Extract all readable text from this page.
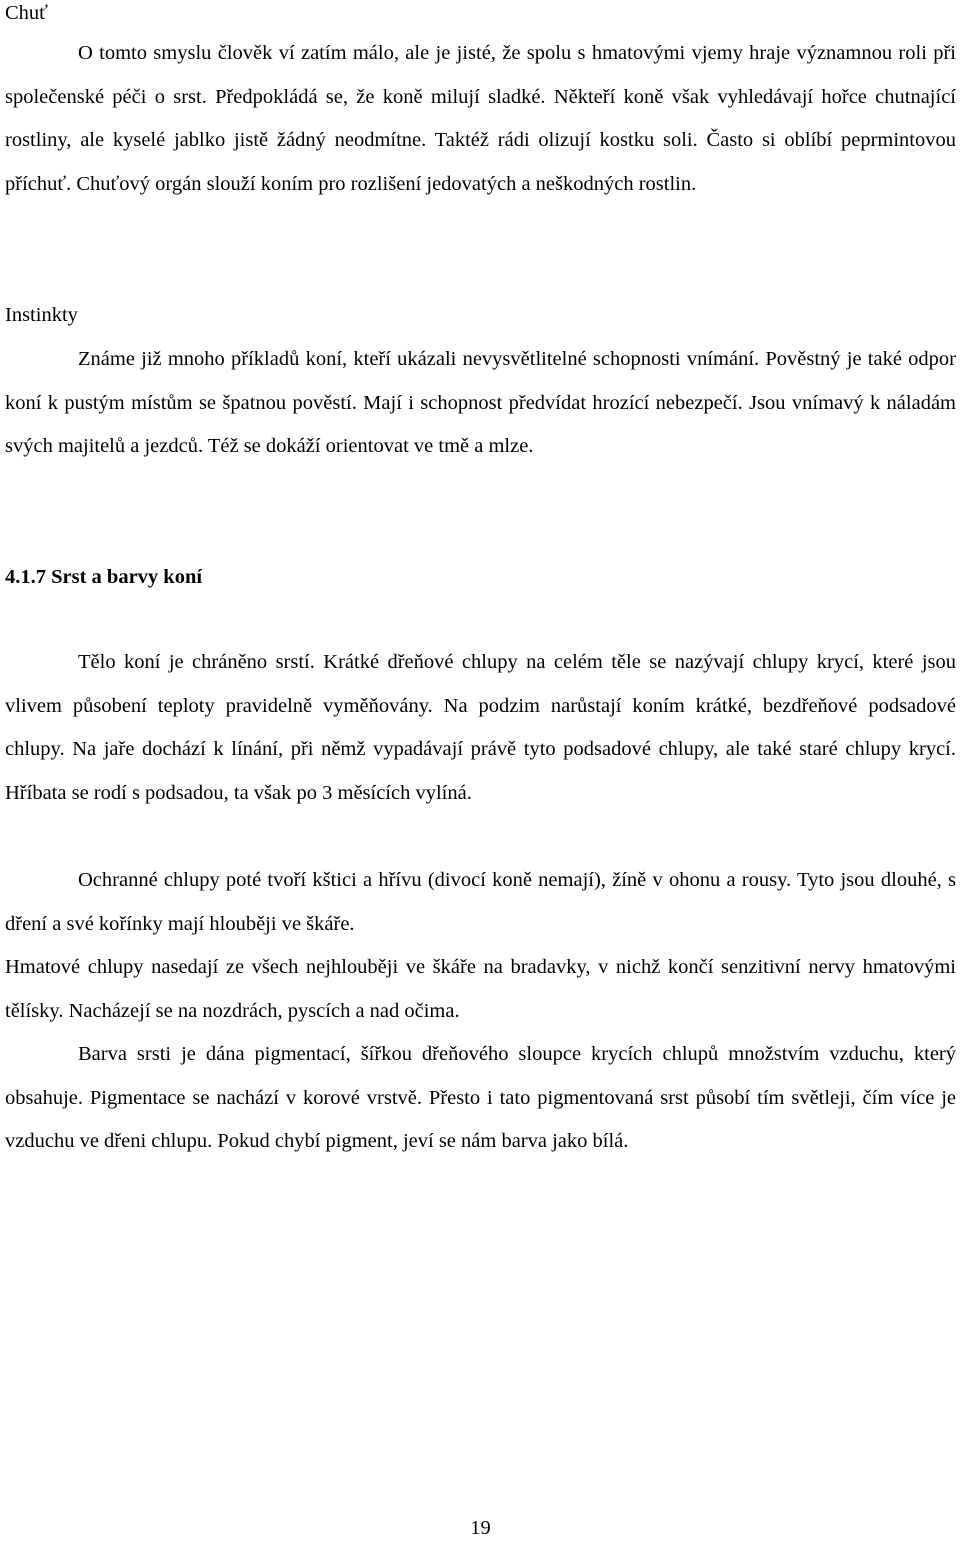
Chuť

O tomto smyslu člověk ví zatím málo, ale je jisté, že spolu s hmatovými vjemy hraje významnou roli při společenské péči o srst. Předpokládá se, že koně milují sladké. Někteří koně však vyhledávají hořce chutnající rostliny, ale kyselé jablko jistě žádný neodmítne. Taktéž rádi olizují kostku soli. Často si oblíbí peprmintovou příchuť. Chuťový orgán slouží koním pro rozlišení jedovatých a neškodných rostlin.

Instinkty

Známe již mnoho příkladů koní, kteří ukázali nevysvětlitelné schopnosti vnímání. Pověstný je také odpor koní k pustým místům se špatnou pověstí. Mají i schopnost předvídat hrozící nebezpečí. Jsou vnímavý k náladám svých majitelů a jezdců. Též se dokáží orientovat ve tmě a mlze.

4.1.7 Srst a barvy koní

Tělo koní je chráněno srstí. Krátké dřeňové chlupy na celém těle se nazývají chlupy krycí, které jsou vlivem působení teploty pravidelně vyměňovány. Na podzim narůstají koním krátké, bezdřeňové podsadové chlupy. Na jaře dochází k línání, při němž vypadávají právě tyto podsadové chlupy, ale také staré chlupy krycí. Hříbata se rodí s podsadou, ta však po 3 měsících vylíná.

Ochranné chlupy poté tvoří kštici a hřívu (divocí koně nemají), žíně v ohonu a rousy. Tyto jsou dlouhé, s dření a své kořínky mají hlouběji ve škáře.

Hmatové chlupy nasedají ze všech nejhlouběji ve škáře na bradavky, v nichž končí senzitivní nervy hmatovými tělísky. Nacházejí se na nozdrách, pyscích a nad očima.

Barva srsti je dána pigmentací, šířkou dřeňového sloupce krycích chlupů množstvím vzduchu, který obsahuje. Pigmentace se nachází v korové vrstvě. Přesto i tato pigmentovaná srst působí tím světleji, čím více je vzduchu ve dřeni chlupu. Pokud chybí pigment, jeví se nám barva jako bílá.

19
